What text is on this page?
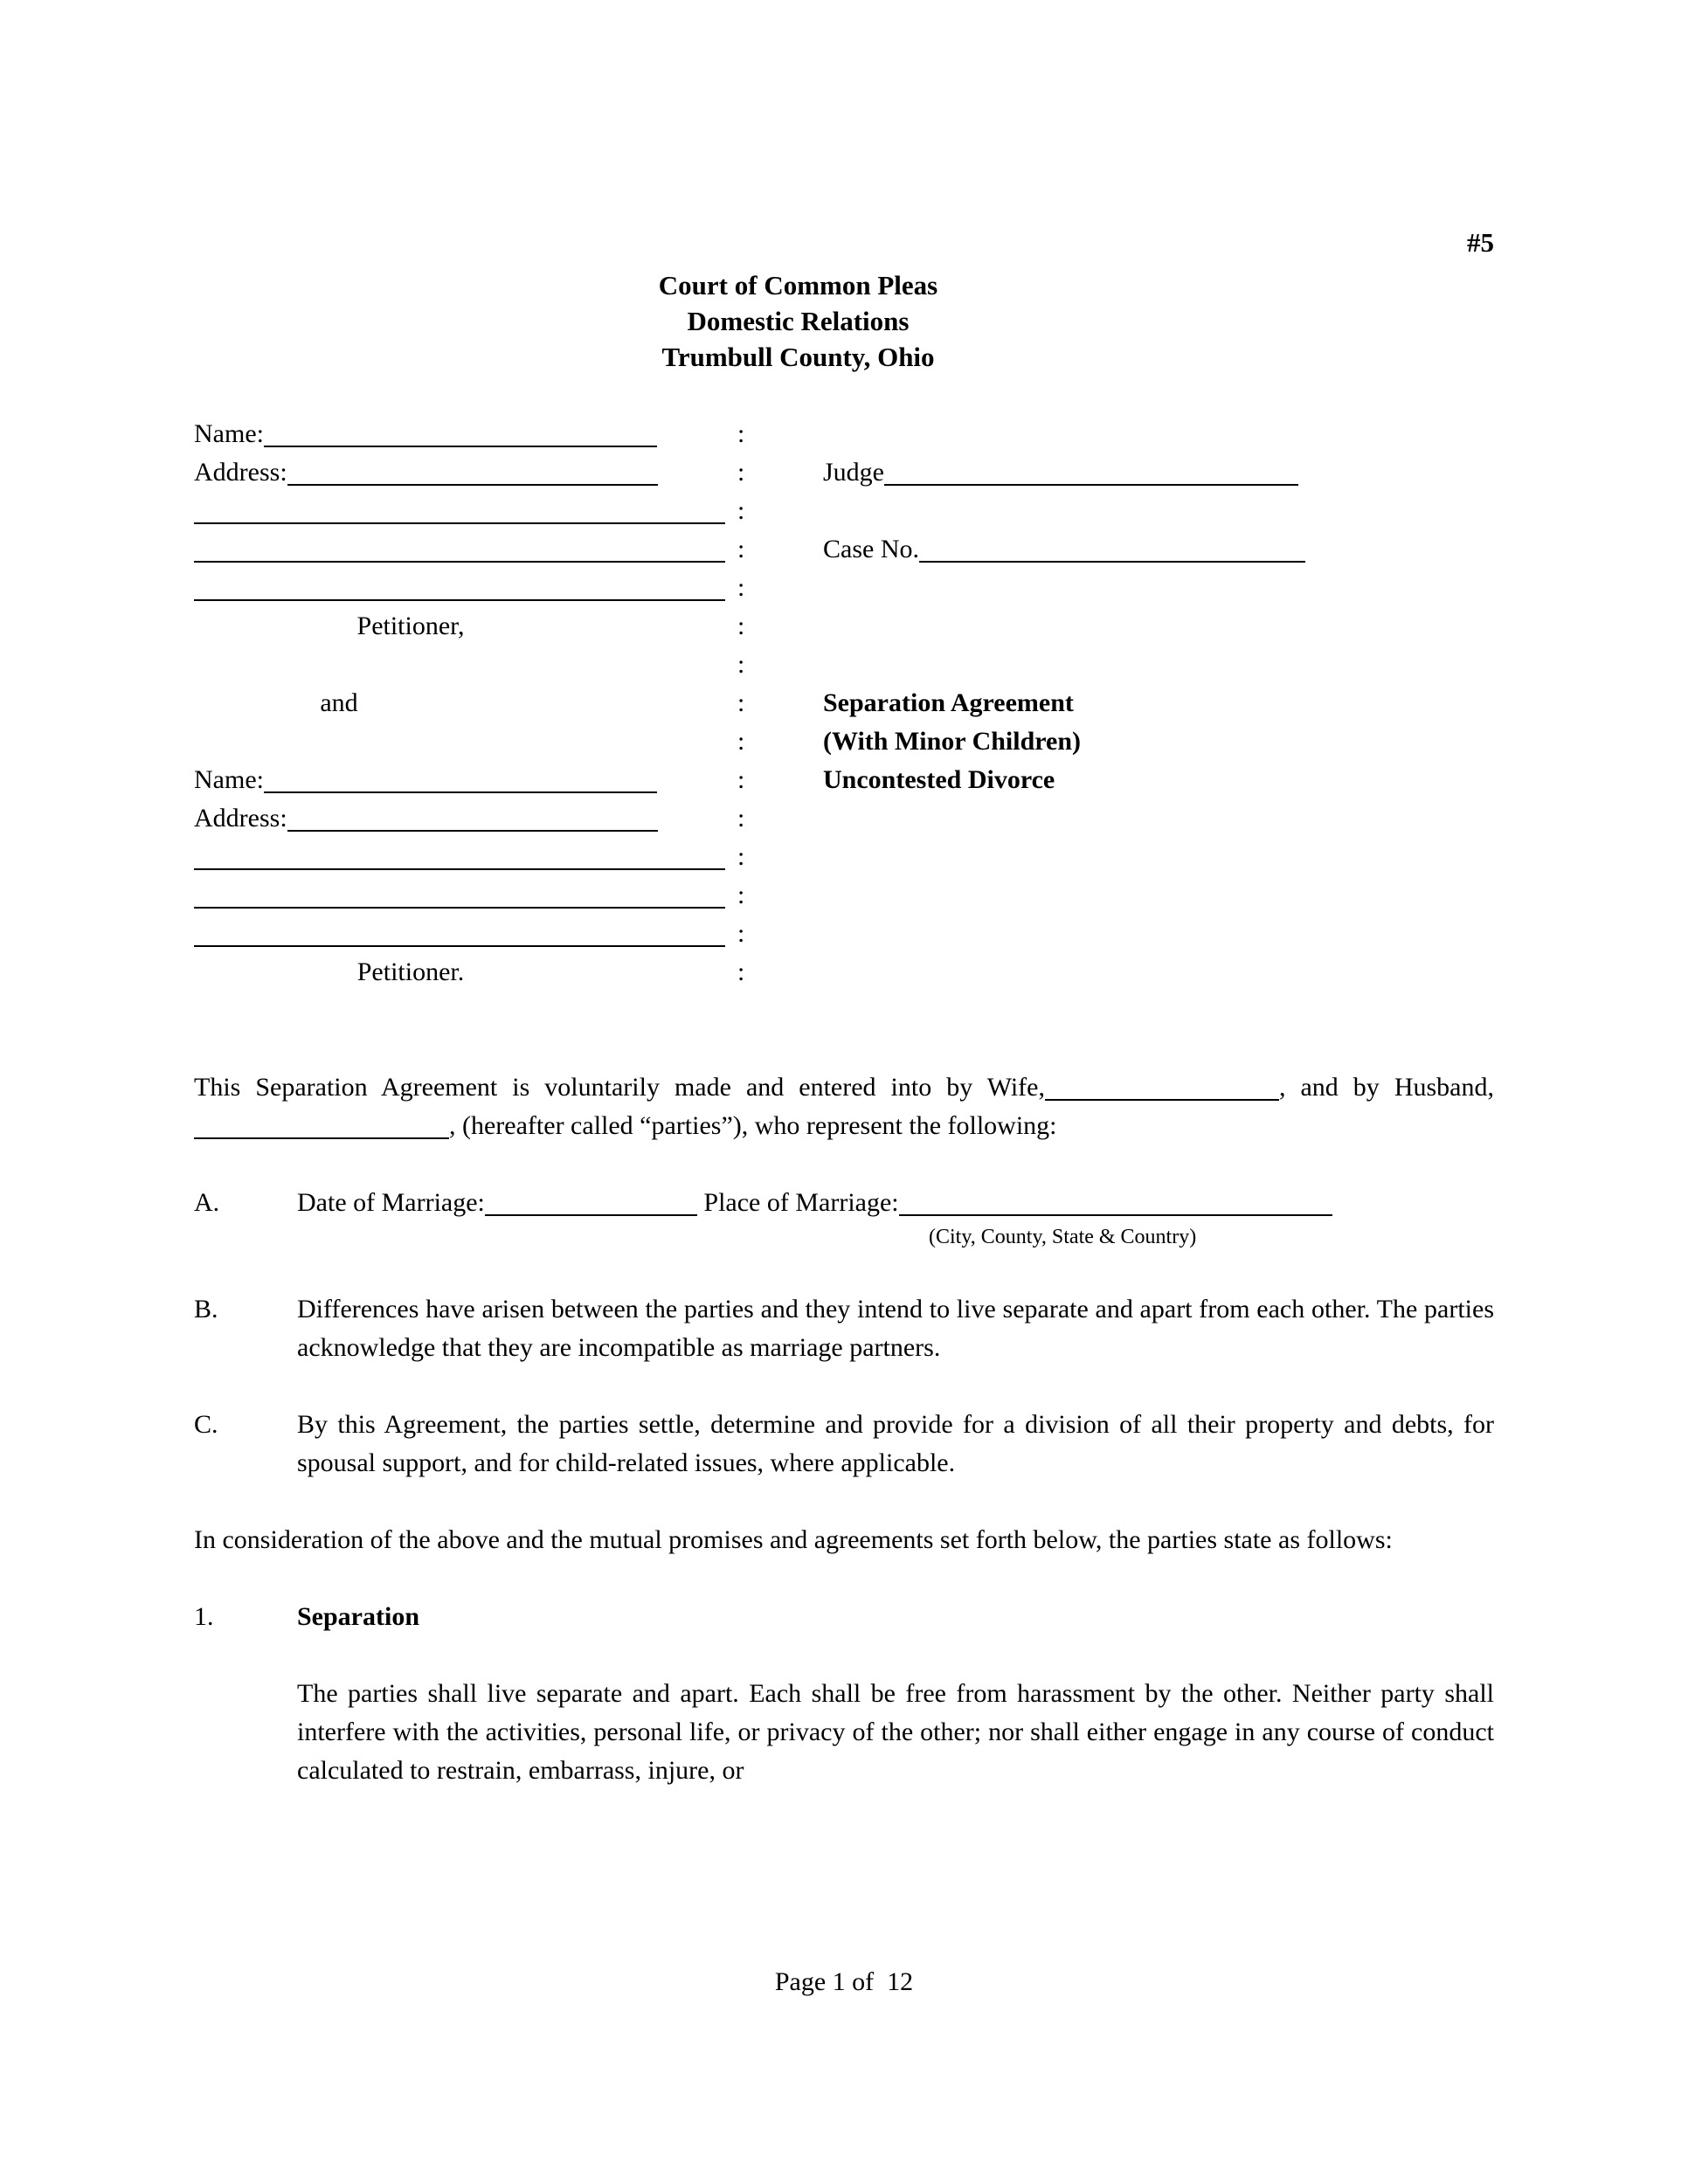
#5
Court of Common Pleas
Domestic Relations
Trumbull County, Ohio
Name:	:

Address:	:	Judge
:

:	Case No.
:

Petitioner,	:

:

and	:	Separation Agreement
:	(With Minor Children)
Name:	:	Uncontested Divorce
Address:	:

:

:

:

Petitioner.	:

This Separation Agreement is voluntarily made and entered into by Wife,	, and by Husband, , (hereafter called “parties”), who represent the following:

A.	Date of Marriage:	Place of Marriage:
(City, County, State & Country)
B.	Differences have arisen between the parties and they intend to live separate and apart from each other. The parties acknowledge that they are incompatible as marriage partners.
C.	By this Agreement, the parties settle, determine and provide for a division of all their property and debts, for spousal support, and for child-related issues, where applicable.

In consideration of the above and the mutual promises and agreements set forth below, the parties state as follows:

1.	Separation
The parties shall live separate and apart. Each shall be free from harassment by the other. Neither party shall interfere with the activities, personal life, or privacy of the other; nor shall either engage in any course of conduct calculated to restrain, embarrass, injure, or
Page 1 of  12
